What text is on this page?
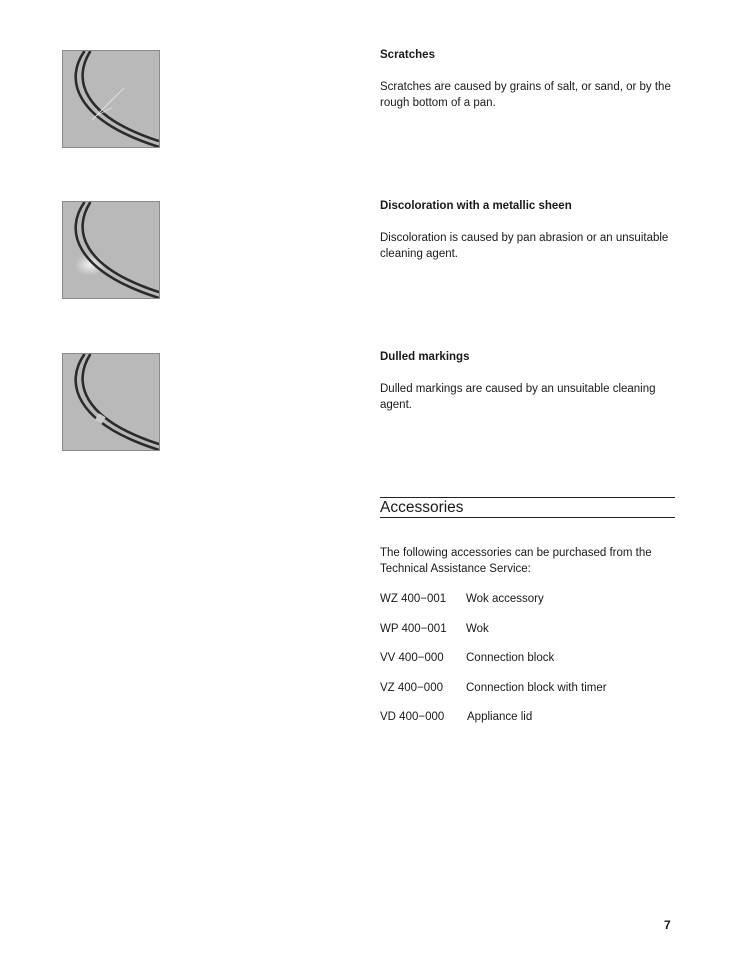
Scratches

Scratches are caused by grains of salt, or sand, or by the rough bottom of a pan.

Discoloration with a metallic sheen

Discoloration is caused by pan abrasion or an unsuitable cleaning agent.

Dulled markings

Dulled markings are caused by an unsuitable cleaning agent.

Accessories

The following accessories can be purchased from the Technical Assistance Service:

WZ 400−001 Wok accessory
WP 400−001 Wok
VV 400−000 Connection block
VZ 400−000 Connection block with timer
VD 400−000 Appliance lid
7
